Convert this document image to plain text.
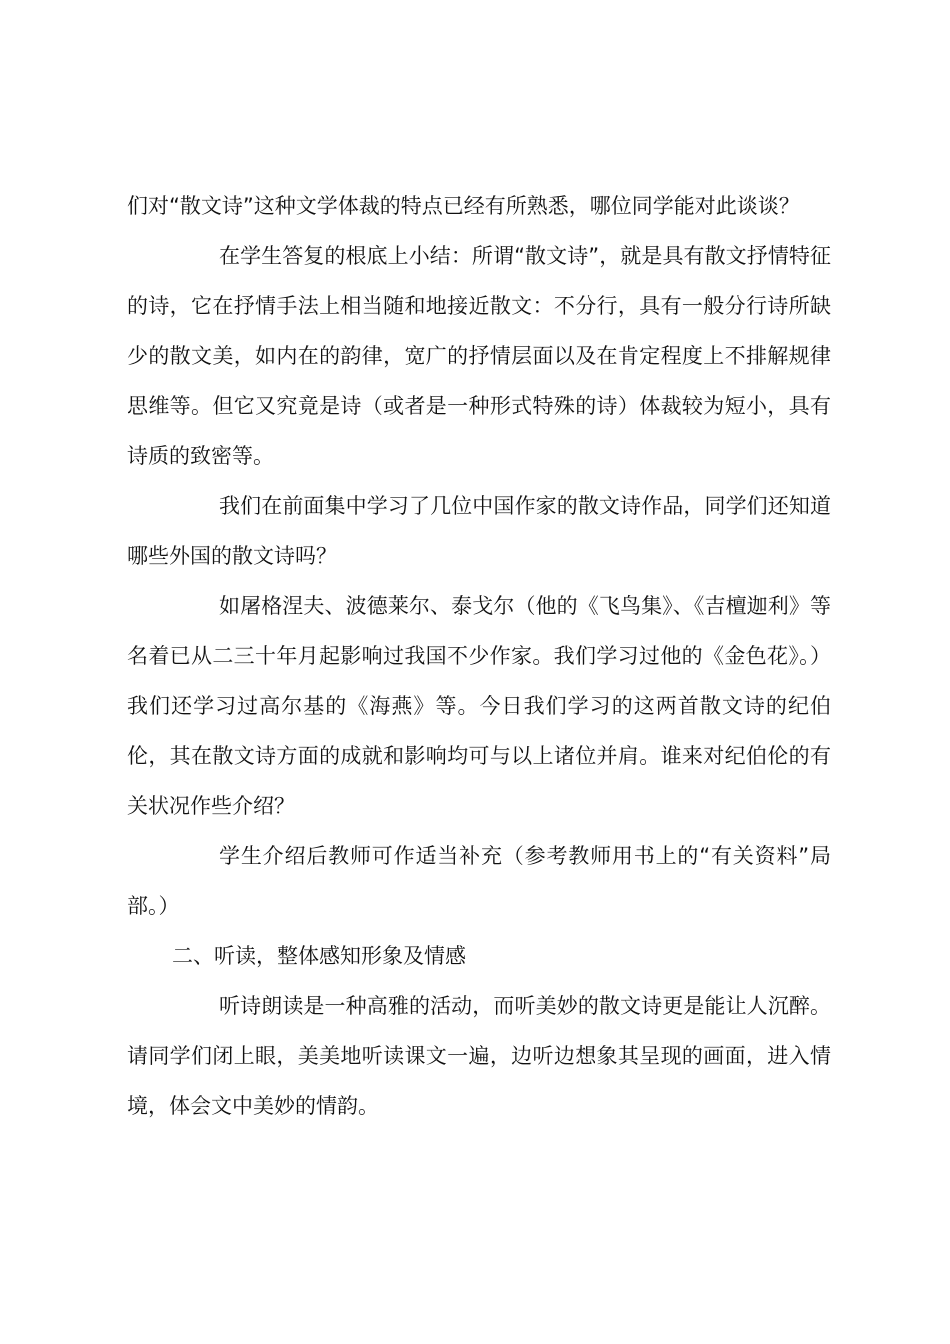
们对“散文诗”这种文学体裁的特点已经有所熟悉，哪位同学能对此谈谈？

在学生答复的根底上小结：所谓“散文诗”，就是具有散文抒情特征的诗，它在抒情手法上相当随和地接近散文：不分行，具有一般分行诗所缺少的散文美，如内在的韵律，宽广的抒情层面以及在肯定程度上不排解规律思维等。但它又究竟是诗（或者是一种形式特殊的诗）体裁较为短小，具有诗质的致密等。

我们在前面集中学习了几位中国作家的散文诗作品，同学们还知道哪些外国的散文诗吗？

如屠格涅夫、波德莱尔、泰戈尔（他的《飞鸟集》、《吉檀迦利》等名着已从二三十年月起影响过我国不少作家。我们学习过他的《金色花》。）我们还学习过高尔基的《海燕》等。今日我们学习的这两首散文诗的纪伯伦，其在散文诗方面的成就和影响均可与以上诸位并肩。谁来对纪伯伦的有关状况作些介绍？

学生介绍后教师可作适当补充（参考教师用书上的“有关资料”局部。）

二、听读，整体感知形象及情感

听诗朗读是一种高雅的活动，而听美妙的散文诗更是能让人沉醉。请同学们闭上眼，美美地听读课文一遍，边听边想象其呈现的画面，进入情境，体会文中美妙的情韵。
